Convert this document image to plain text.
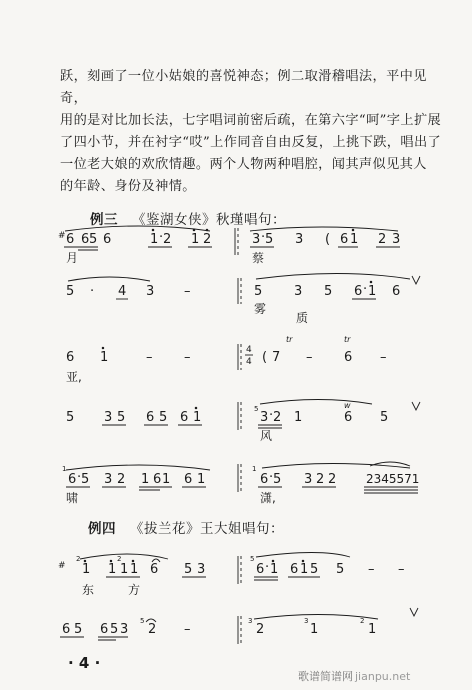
跃，刻画了一位小姑娘的喜悦神态；例二取滑稽唱法，平中见奇，

用的是对比加长法，七字唱词前密后疏，在第六字“呵”字上扩展

了四小节，并在衬字“哎”上作同音自由反复，上挑下跌，唱出了

一位老大娘的欢欣情趣。两个人物两种唱腔，闻其声似见其人

的年龄、身份及神情。

例三 《鉴湖女侠》秋瑾唱句：
例四 《拔兰花》王大姐唱句：
# 6 6 5 6	1 · 2 1 2	3 · 5 3 ( 6 1 2 3
月	蔡
5 · 4 3 –	5 3 5 6 · 1 6
雾
质
6 1	– –	4
4 ( 7 – 6 –
亚,
tr	tr
5 3 5 6 5 6 1	3 · 2 1	6 5
5
风
w
1
6 · 5 3 2 1 6 1 6 1
1
6 · 5 3 2 2 2345571
啸	潇,
#
2
1 1
2
1 1 6 5 3
5
6 · 1 6 1 5 5 – –
东	方
6 5 6 5 3
5
2 –
3
2
3
1
2
1
· 4 ·
歌谱简谱网 jianpu.net
